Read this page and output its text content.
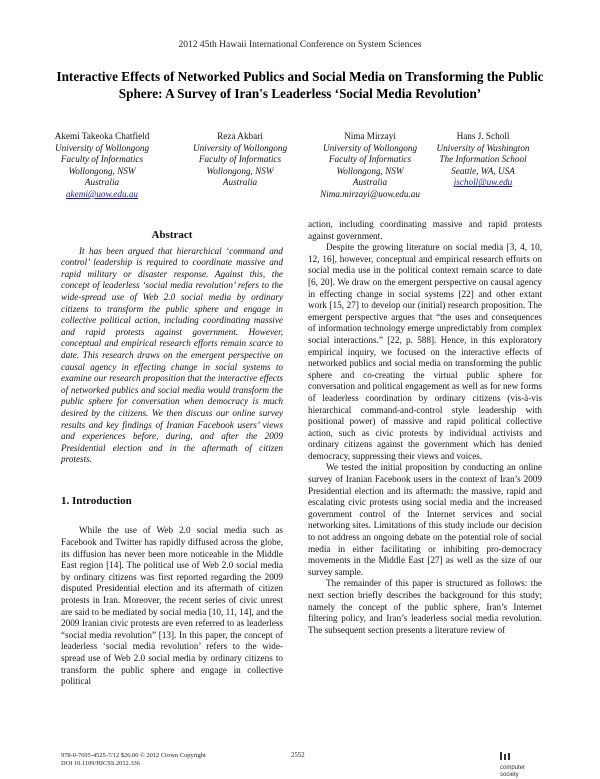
2012 45th Hawaii International Conference on System Sciences
Interactive Effects of Networked Publics and Social Media on Transforming the Public Sphere: A Survey of Iran's Leaderless ‘Social Media Revolution’
Akemi Takeoka Chatfield
University of Wollongong
Faculty of Informatics
Wollongong, NSW
Australia
akemi@uow.edu.au
Reza Akbari
University of Wollongong
Faculty of Informatics
Wollongong, NSW
Australia
Nima Mirzayi
University of Wollongong
Faculty of Informatics
Wollongong, NSW
Australia
Nima.mirzayi@uow.edu.au
Hans J. Scholl
University of Washington
The Information School
Seattle, WA, USA
jscholl@uw.edu
Abstract

It has been argued that hierarchical ‘command and control’ leadership is required to coordinate massive and rapid military or disaster response. Against this, the concept of leaderless ‘social media revolution’ refers to the wide-spread use of Web 2.0 social media by ordinary citizens to transform the public sphere and engage in collective political action, including coordinating massive and rapid protests against government. However, conceptual and empirical research efforts remain scarce to date. This research draws on the emergent perspective on causal agency in effecting change in social systems to examine our research proposition that the interactive effects of networked publics and social media would transform the public sphere for conversation when democracy is much desired by the citizens. We then discuss our online survey results and key findings of Iranian Facebook users’ views and experiences before, during, and after the 2009 Presidential election and in the aftermath of citizen protests.

1. Introduction

While the use of Web 2.0 social media such as Facebook and Twitter has rapidly diffused across the globe, its diffusion has never been more noticeable in the Middle East region [14]. The political use of Web 2.0 social media by ordinary citizens was first reported regarding the 2009 disputed Presidential election and its aftermath of citizen protests in Iran. Moreover, the recent series of civic unrest are said to be mediated by social media [10, 11, 14], and the 2009 Iranian civic protests are even referred to as leaderless “social media revolution” [13]. In this paper, the concept of leaderless ‘social media revolution’ refers to the wide-spread use of Web 2.0 social media by ordinary citizens to transform the public sphere and engage in collective political

action, including coordinating massive and rapid protests against government.

Despite the growing literature on social media [3, 4, 10, 12, 16], however, conceptual and empirical research efforts on social media use in the political context remain scarce to date [6, 20]. We draw on the emergent perspective on causal agency in effecting change in social systems [22] and other extant work [15, 27] to develop our (initial) research proposition. The emergent perspective argues that “the uses and consequences of information technology emerge unpredictably from complex social interactions.” [22, p. 588]. Hence, in this exploratory empirical inquiry, we focused on the interactive effects of networked publics and social media on transforming the public sphere and co-creating the virtual public sphere for conversation and political engagement as well as for new forms of leaderless coordination by ordinary citizens (vis-à-vis hierarchical command-and-control style leadership with positional power) of massive and rapid political collective action, such as civic protests by individual activists and ordinary citizens against the government which has denied democracy, suppressing their views and voices.

We tested the initial proposition by conducting an online survey of Iranian Facebook users in the context of Iran’s 2009 Presidential election and its aftermath: the massive, rapid and escalating civic protests using social media and the increased government control of the Internet services and social networking sites. Limitations of this study include our decision to not address an ongoing debate on the potential role of social media in either facilitating or inhibiting pro-democracy movements in the Middle East [27] as well as the size of our survey sample.

The remainder of this paper is structured as follows: the next section briefly describes the background for this study; namely the concept of the public sphere, Iran’s Internet filtering policy, and Iran’s leaderless social media revolution. The subsequent section presents a literature review of

978-0-7695-4525-7/12 $26.00 © 2012 Crown Copyright
DOI 10.1109/HICSS.2012.336
2552
computer
society
